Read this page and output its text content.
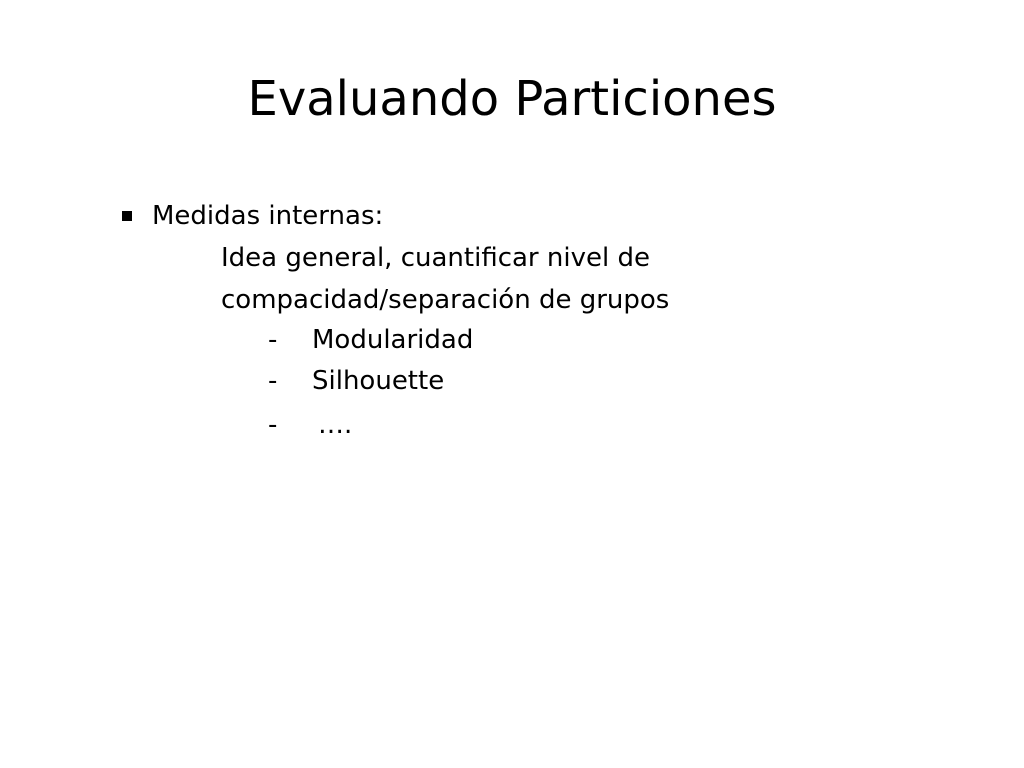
Evaluando Particiones
Medidas internas:
Idea general, cuantificar nivel de
compacidad/separación de grupos
- Modularidad
- Silhouette
- ….
